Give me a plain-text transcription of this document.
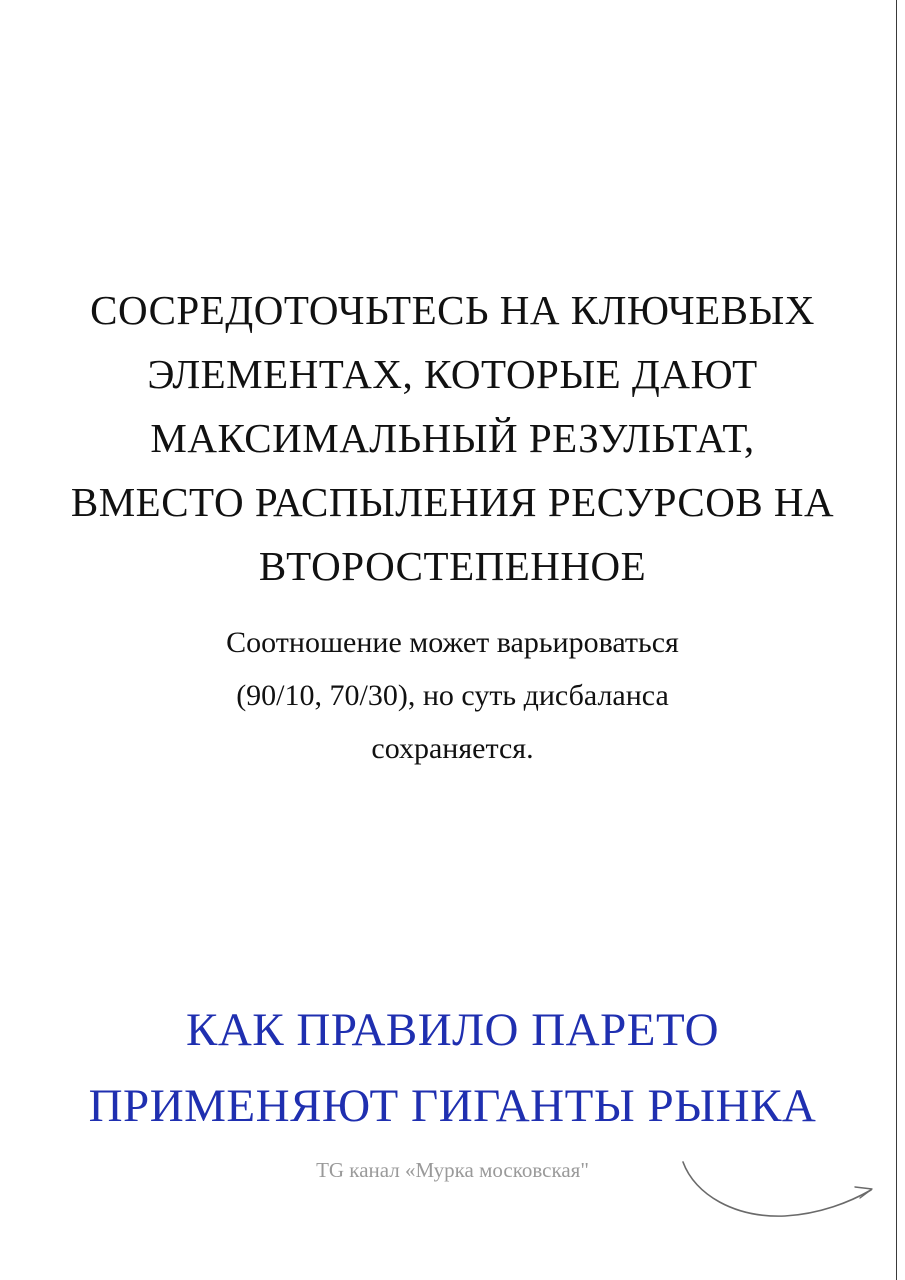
СОСРЕДОТОЧЬТЕСЬ НА КЛЮЧЕВЫХ
ЭЛЕМЕНТАХ, КОТОРЫЕ ДАЮТ
МАКСИМАЛЬНЫЙ РЕЗУЛЬТАТ,
ВМЕСТО РАСПЫЛЕНИЯ РЕСУРСОВ НА
ВТОРОСТЕПЕННОЕ

Соотношение может варьироваться
(90/10, 70/30), но суть дисбаланса
сохраняется.

КАК ПРАВИЛО ПАРЕТО
ПРИМЕНЯЮТ ГИГАНТЫ РЫНКА

TG канал «Мурка московская"
